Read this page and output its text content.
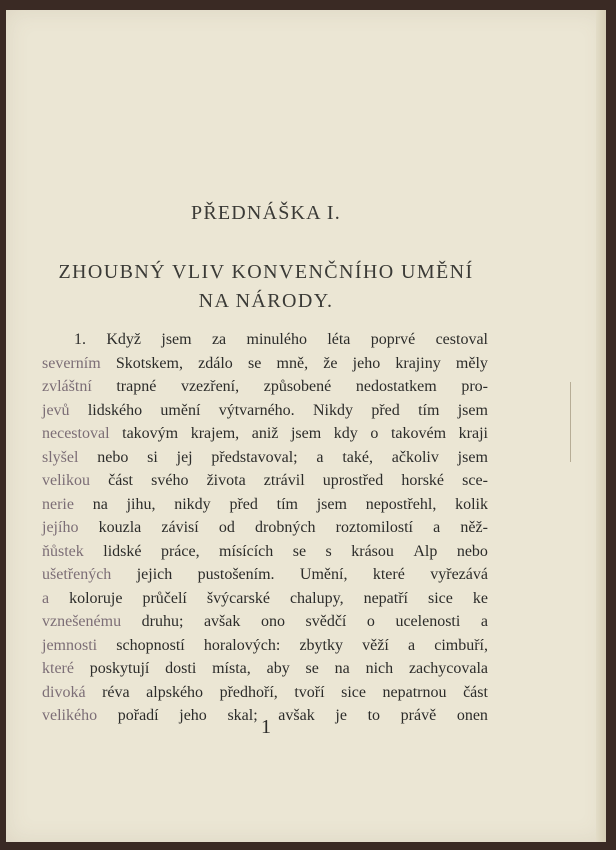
PŘEDNÁŠKA I.
ZHOUBNÝ VLIV KONVENČNÍHO UMĚNÍ
NA NÁRODY.
1. Když jsem za minulého léta poprvé cestoval
severním Skotskem, zdálo se mně, že jeho krajiny měly
zvláštní trapné vzezření, způsobené nedostatkem pro-
jevů lidského umění výtvarného. Nikdy před tím jsem
necestoval takovým krajem, aniž jsem kdy o takovém kraji
slyšel nebo si jej představoval; a také, ačkoliv jsem
velikou část svého života ztrávil uprostřed horské sce-
nerie na jihu, nikdy před tím jsem nepostřehl, kolik
jejího kouzla závisí od drobných roztomilostí a něž-
ňůstek lidské práce, mísících se s krásou Alp nebo
ušetřených jejich pustošením. Umění, které vyřezává
a koloruje průčelí švýcarské chalupy, nepatří sice ke
vznešenému druhu; avšak ono svědčí o ucelenosti a
jemnosti schopností horalových: zbytky věží a cimbuří,
které poskytují dosti místa, aby se na nich zachycovala
divoká réva alpského předhoří, tvoří sice nepatrnou část
velikého pořadí jeho skal; avšak je to právě onen
1
